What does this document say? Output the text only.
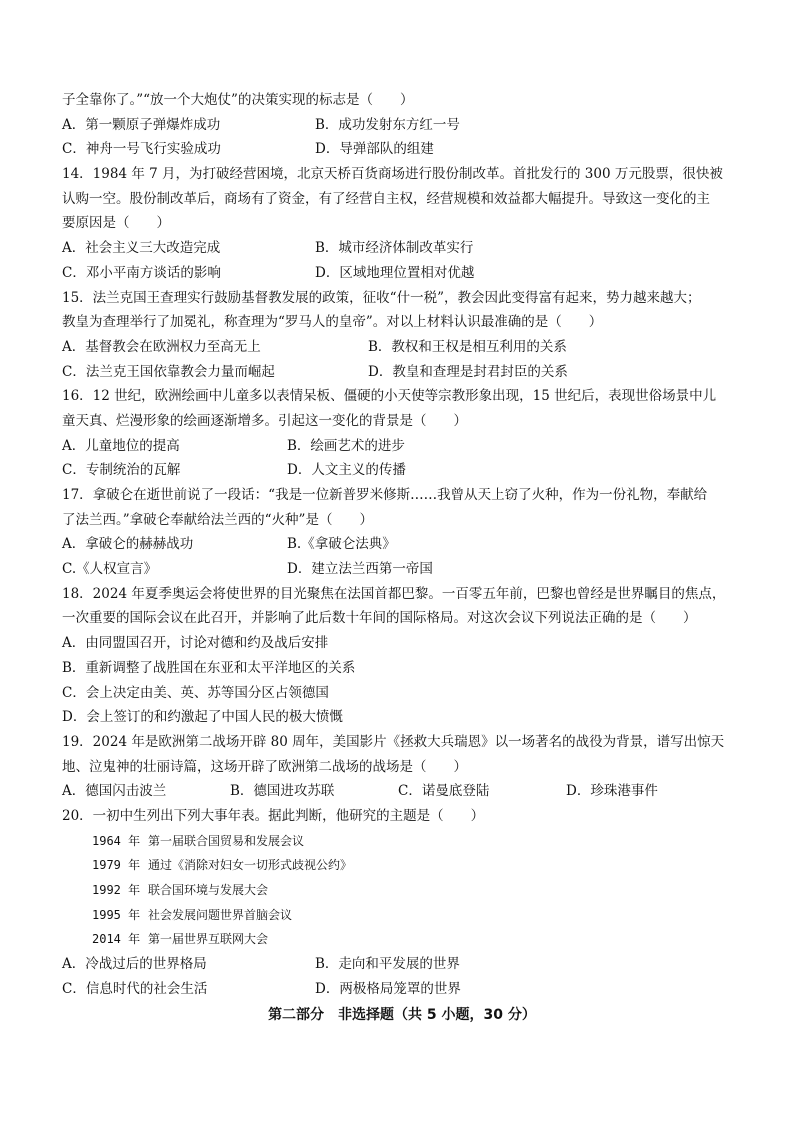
子全靠你了。”“放一个大炮仗”的决策实现的标志是（　　）
A．第一颗原子弹爆炸成功	B．成功发射东方红一号
C．神舟一号飞行实验成功	D．导弹部队的组建
14．1984 年 7 月，为打破经营困境，北京天桥百货商场进行股份制改革。首批发行的 300 万元股票，很快被
认购一空。股份制改革后，商场有了资金，有了经营自主权，经营规模和效益都大幅提升。导致这一变化的主
要原因是（　　）
A．社会主义三大改造完成	B．城市经济体制改革实行
C．邓小平南方谈话的影响	D．区域地理位置相对优越
15．法兰克国王查理实行鼓励基督教发展的政策，征收“什一税”，教会因此变得富有起来，势力越来越大；
教皇为查理举行了加冕礼，称查理为“罗马人的皇帝”。对以上材料认识最准确的是（　　）
A．基督教会在欧洲权力至高无上	B．教权和王权是相互利用的关系
C．法兰克王国依靠教会力量而崛起	D．教皇和查理是封君封臣的关系
16．12 世纪，欧洲绘画中儿童多以表情呆板、僵硬的小天使等宗教形象出现，15 世纪后，表现世俗场景中儿
童天真、烂漫形象的绘画逐渐增多。引起这一变化的背景是（　　）
A．儿童地位的提高	B．绘画艺术的进步
C．专制统治的瓦解	D．人文主义的传播
17．拿破仑在逝世前说了一段话：“我是一位新普罗米修斯……我曾从天上窃了火种，作为一份礼物，奉献给
了法兰西。”拿破仑奉献给法兰西的“火种”是（　　）
A．拿破仑的赫赫战功	B.《拿破仑法典》
C.《人权宣言》	D．建立法兰西第一帝国
18．2024 年夏季奥运会将使世界的目光聚焦在法国首都巴黎。一百零五年前，巴黎也曾经是世界瞩目的焦点，
一次重要的国际会议在此召开，并影响了此后数十年间的国际格局。对这次会议下列说法正确的是（　　）
A．由同盟国召开，讨论对德和约及战后安排
B．重新调整了战胜国在东亚和太平洋地区的关系
C．会上决定由美、英、苏等国分区占领德国
D．会上签订的和约激起了中国人民的极大愤慨
19．2024 年是欧洲第二战场开辟 80 周年，美国影片《拯救大兵瑞恩》以一场著名的战役为背景，谱写出惊天
地、泣鬼神的壮丽诗篇，这场开辟了欧洲第二战场的战场是（　　）
A．德国闪击波兰	B．德国进攻苏联	C．诺曼底登陆	D．珍珠港事件
20．一初中生列出下列大事年表。据此判断，他研究的主题是（　　）
1964 年 第一届联合国贸易和发展会议
1979 年 通过《消除对妇女一切形式歧视公约》
1992 年 联合国环境与发展大会
1995 年 社会发展问题世界首脑会议
2014 年 第一届世界互联网大会
A．冷战过后的世界格局	B．走向和平发展的世界
C．信息时代的社会生活	D．两极格局笼罩的世界
第二部分　非选择题（共 5 小题，30 分）
